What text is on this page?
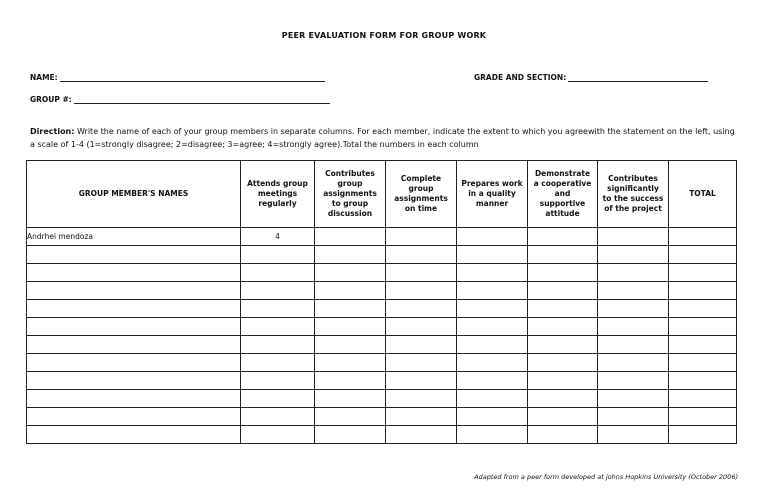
PEER EVALUATION FORM FOR GROUP WORK
NAME:	GRADE AND SECTION:
GROUP #:
Direction: Write the name of each of your group members in separate columns. For each member, indicate the extent to which you agreewith the statement on the left, using a scale of 1-4 (1=strongly disagree; 2=disagree; 3=agree; 4=strongly agree).Total the numbers in each column
GROUP MEMBER'S NAMES	Attends group meetings regularly	Contributes group assignments to group discussion	Complete group assignments on time	Prepares work in a quality manner	Demonstrate a cooperative and supportive attitude	Contributes significantly to the success of the project	TOTAL
Andrhei mendoza	4						

Adapted from a peer form developed at johns Hopkins University (October 2006)
